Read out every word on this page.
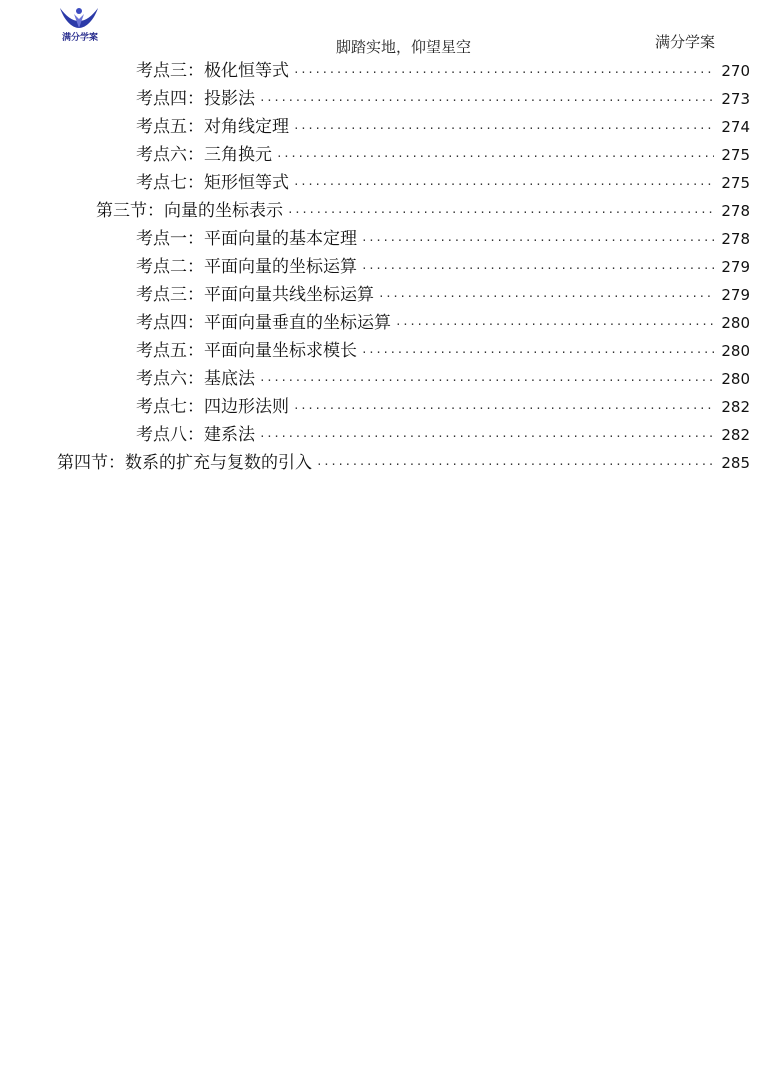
满分学案	脚踏实地，仰望星空	满分学案
考点三：极化恒等式 ·····	270
考点四：投影法 ·····	273
考点五：对角线定理 ·····	274
考点六：三角换元 ·····	275
考点七：矩形恒等式 ·····	275
第三节：向量的坐标表示 ·····	278
考点一：平面向量的基本定理 ·····	278
考点二：平面向量的坐标运算 ·····	279
考点三：平面向量共线坐标运算 ·····	279
考点四：平面向量垂直的坐标运算 ·····	280
考点五：平面向量坐标求模长 ·····	280
考点六：基底法 ·····	280
考点七：四边形法则 ·····	282
考点八：建系法 ·····	282
第四节：数系的扩充与复数的引入 ·····	285
